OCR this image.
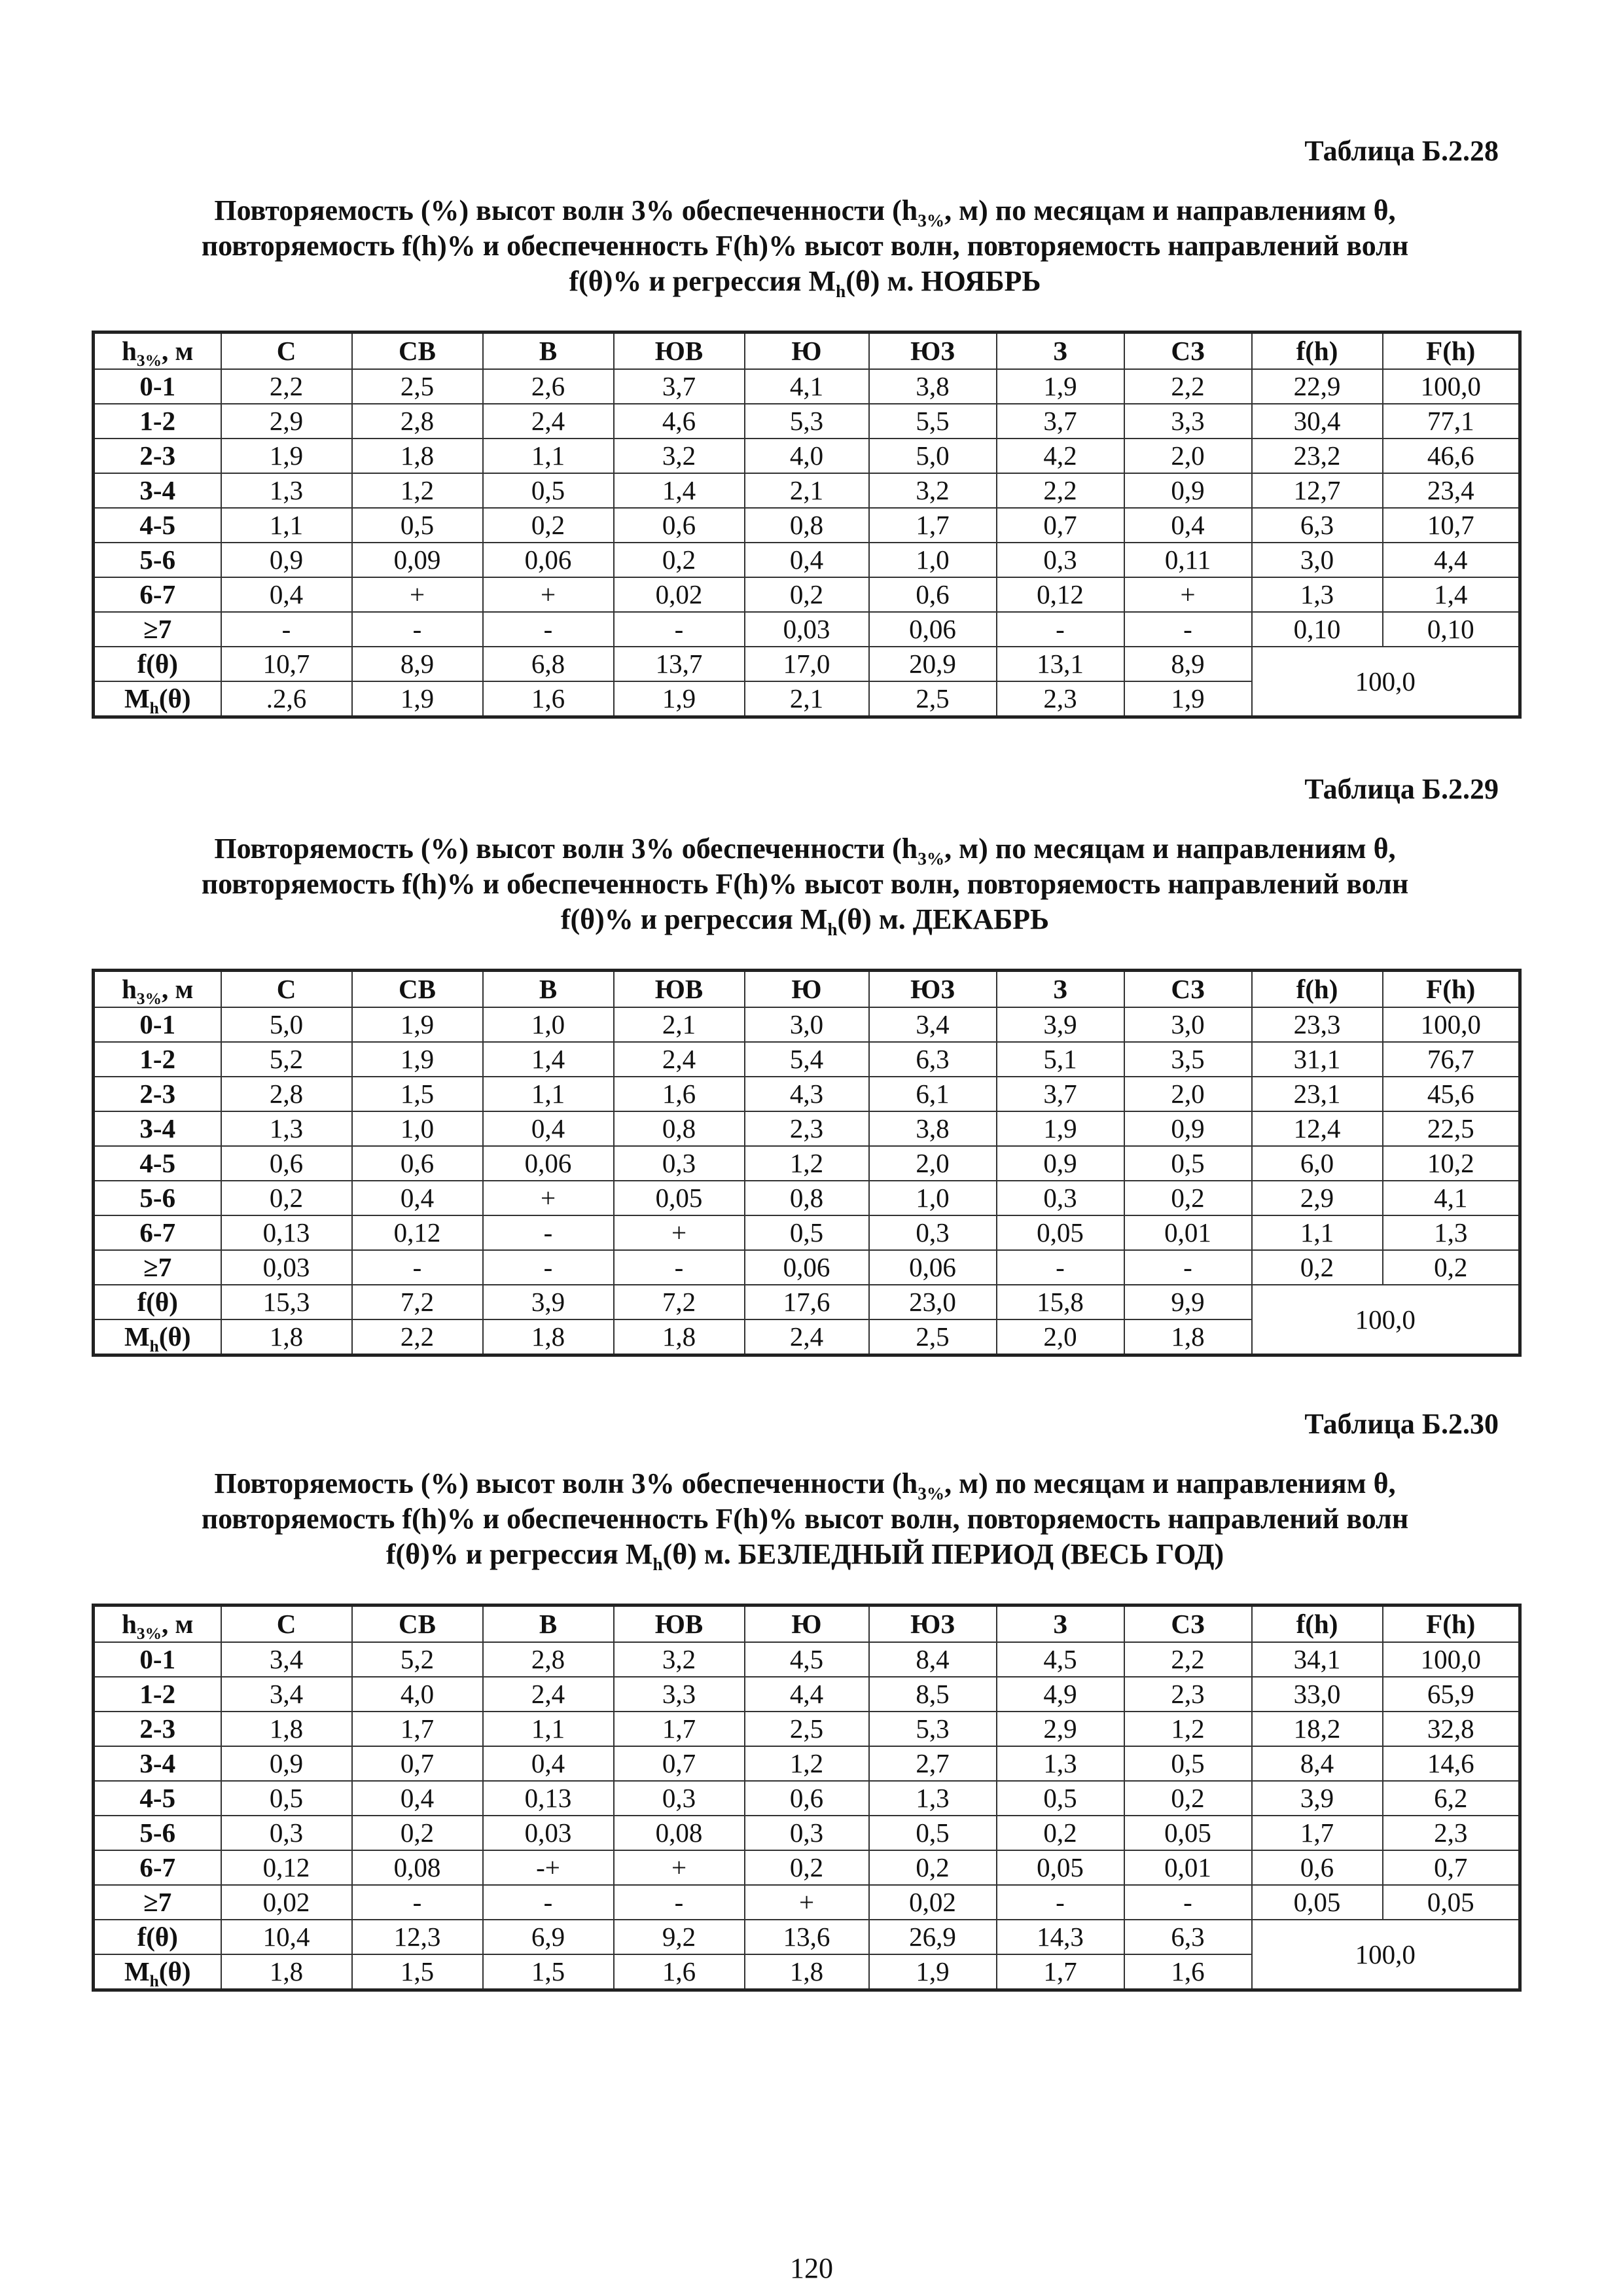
Таблица Б.2.28
Повторяемость (%) высот волн 3% обеспеченности ($h_{3\%}$, м) по месяцам и направлениям θ,
повторяемость f(h)% и обеспеченность F(h)% высот волн, повторяемость направлений волн
f(θ)% и регрессия $M_h(\theta)$ м. НОЯБРЬ
$h_{3\%}$, м	С	СВ	В	ЮВ	Ю	ЮЗ	З	СЗ	f(h)	F(h)
0-1	2,2	2,5	2,6	3,7	4,1	3,8	1,9	2,2	22,9	100,0
1-2	2,9	2,8	2,4	4,6	5,3	5,5	3,7	3,3	30,4	77,1
2-3	1,9	1,8	1,1	3,2	4,0	5,0	4,2	2,0	23,2	46,6
3-4	1,3	1,2	0,5	1,4	2,1	3,2	2,2	0,9	12,7	23,4
4-5	1,1	0,5	0,2	0,6	0,8	1,7	0,7	0,4	6,3	10,7
5-6	0,9	0,09	0,06	0,2	0,4	1,0	0,3	0,11	3,0	4,4
6-7	0,4	+	+	0,02	0,2	0,6	0,12	+	1,3	1,4
≥7	-	-	-	-	0,03	0,06	-	-	0,10	0,10
f(θ)	10,7	8,9	6,8	13,7	17,0	20,9	13,1	8,9	100,0	
$M_h(\theta)$	.2,6	1,9	1,6	1,9	2,1	2,5	2,3	1,9		
Таблица Б.2.29
Повторяемость (%) высот волн 3% обеспеченности ($h_{3\%}$, м) по месяцам и направлениям θ,
повторяемость f(h)% и обеспеченность F(h)% высот волн, повторяемость направлений волн
f(θ)% и регрессия $M_h(\theta)$ м. ДЕКАБРЬ
$h_{3\%}$, м	С	СВ	В	ЮВ	Ю	ЮЗ	З	СЗ	f(h)	F(h)
0-1	5,0	1,9	1,0	2,1	3,0	3,4	3,9	3,0	23,3	100,0
1-2	5,2	1,9	1,4	2,4	5,4	6,3	5,1	3,5	31,1	76,7
2-3	2,8	1,5	1,1	1,6	4,3	6,1	3,7	2,0	23,1	45,6
3-4	1,3	1,0	0,4	0,8	2,3	3,8	1,9	0,9	12,4	22,5
4-5	0,6	0,6	0,06	0,3	1,2	2,0	0,9	0,5	6,0	10,2
5-6	0,2	0,4	+	0,05	0,8	1,0	0,3	0,2	2,9	4,1
6-7	0,13	0,12	-	+	0,5	0,3	0,05	0,01	1,1	1,3
≥7	0,03	-	-	-	0,06	0,06	-	-	0,2	0,2
f(θ)	15,3	7,2	3,9	7,2	17,6	23,0	15,8	9,9	100,0	
$M_h(\theta)$	1,8	2,2	1,8	1,8	2,4	2,5	2,0	1,8		
Таблица Б.2.30
Повторяемость (%) высот волн 3% обеспеченности ($h_{3\%}$, м) по месяцам и направлениям θ,
повторяемость f(h)% и обеспеченность F(h)% высот волн, повторяемость направлений волн
f(θ)% и регрессия $M_h(\theta)$ м. БЕЗЛЕДНЫЙ ПЕРИОД (ВЕСЬ ГОД)
$h_{3\%}$, м	С	СВ	В	ЮВ	Ю	ЮЗ	З	СЗ	f(h)	F(h)
0-1	3,4	5,2	2,8	3,2	4,5	8,4	4,5	2,2	34,1	100,0
1-2	3,4	4,0	2,4	3,3	4,4	8,5	4,9	2,3	33,0	65,9
2-3	1,8	1,7	1,1	1,7	2,5	5,3	2,9	1,2	18,2	32,8
3-4	0,9	0,7	0,4	0,7	1,2	2,7	1,3	0,5	8,4	14,6
4-5	0,5	0,4	0,13	0,3	0,6	1,3	0,5	0,2	3,9	6,2
5-6	0,3	0,2	0,03	0,08	0,3	0,5	0,2	0,05	1,7	2,3
6-7	0,12	0,08	-+	+	0,2	0,2	0,05	0,01	0,6	0,7
≥7	0,02	-	-	-	+	0,02	-	-	0,05	0,05
f(θ)	10,4	12,3	6,9	9,2	13,6	26,9	14,3	6,3	100,0	
$M_h(\theta)$	1,8	1,5	1,5	1,6	1,8	1,9	1,7	1,6		
120
